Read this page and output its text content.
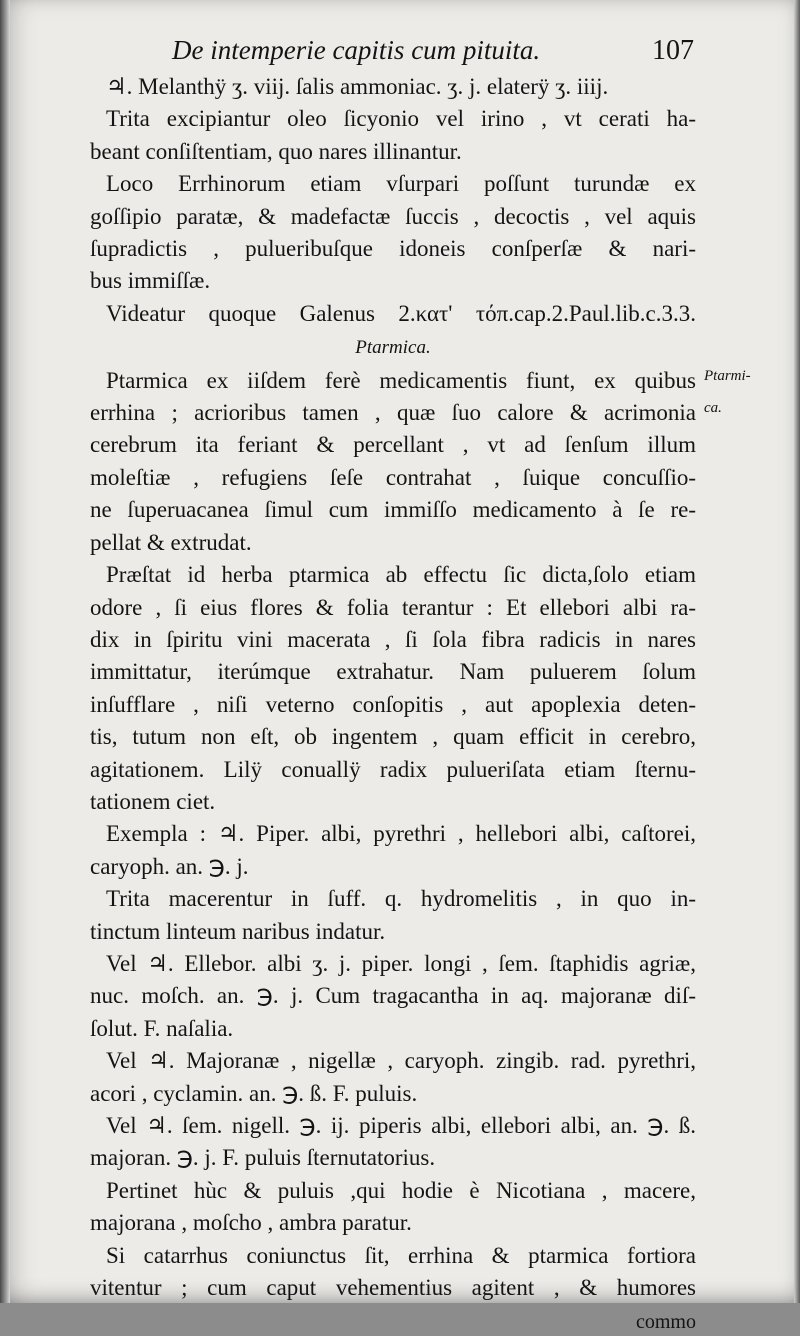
De intemperie capitis cum pituita.	107
♃. Melanthÿ ʒ. viij. ſalis ammoniac. ʒ. j. elaterÿ ʒ. iiij.
Trita excipiantur oleo ſicyonio vel irino , vt cerati ha-
beant conſiſtentiam, quo nares illinantur.
Loco Errhinorum etiam vſurpari poſſunt turundæ ex
goſſipio paratæ, & madefactæ ſuccis , decoctis , vel aquis
ſupradictis , pulueribuſque idoneis conſperſæ & nari-
bus immiſſæ.
Videatur quoque Galenus 2.κατ' τόπ.cap.2.Paul.lib.c.3.3.
Ptarmica.
Ptarmica ex iiſdem ferè medicamentis fiunt, ex quibus
errhina ; acrioribus tamen , quæ ſuo calore & acrimonia
cerebrum ita feriant & percellant , vt ad ſenſum illum
moleſtiæ , refugiens ſeſe contrahat , ſuique concuſſio-
ne ſuperuacanea ſimul cum immiſſo medicamento à ſe re-
pellat & extrudat.
Præſtat id herba ptarmica ab effectu ſic dicta,ſolo etiam
odore , ſi eius flores & folia terantur : Et ellebori albi ra-
dix in ſpiritu vini macerata , ſi ſola fibra radicis in nares
immittatur, iterúmque extrahatur. Nam puluerem ſolum
inſufflare , niſi veterno conſopitis , aut apoplexia deten-
tis, tutum non eſt, ob ingentem , quam efficit in cerebro,
agitationem. Lilÿ conuallÿ radix pulueriſata etiam ſternu-
tationem ciet.
Exempla : ♃. Piper. albi, pyrethri , hellebori albi, caſtorei,
caryoph. an. ℈. j.
Trita macerentur in ſuff. q. hydromelitis , in quo in-
tinctum linteum naribus indatur.
Vel ♃. Ellebor. albi ʒ. j. piper. longi , ſem. ſtaphidis agriæ,
nuc. moſch. an. ℈. j. Cum tragacantha in aq. majoranæ diſ-
ſolut. F. naſalia.
Vel ♃. Majoranæ , nigellæ , caryoph. zingib. rad. pyrethri,
acori , cyclamin. an. ℈. ß. F. puluis.
Vel ♃. ſem. nigell. ℈. ij. piperis albi, ellebori albi, an. ℈. ß.
majoran. ℈. j. F. puluis ſternutatorius.
Pertinet hùc & puluis ,qui hodie è Nicotiana , macere,
majorana , moſcho , ambra paratur.
Si catarrhus coniunctus ſit, errhina & ptarmica fortiora
vitentur ; cum caput vehementius agitent , & humores
commo
Ptarmi-
ca.
